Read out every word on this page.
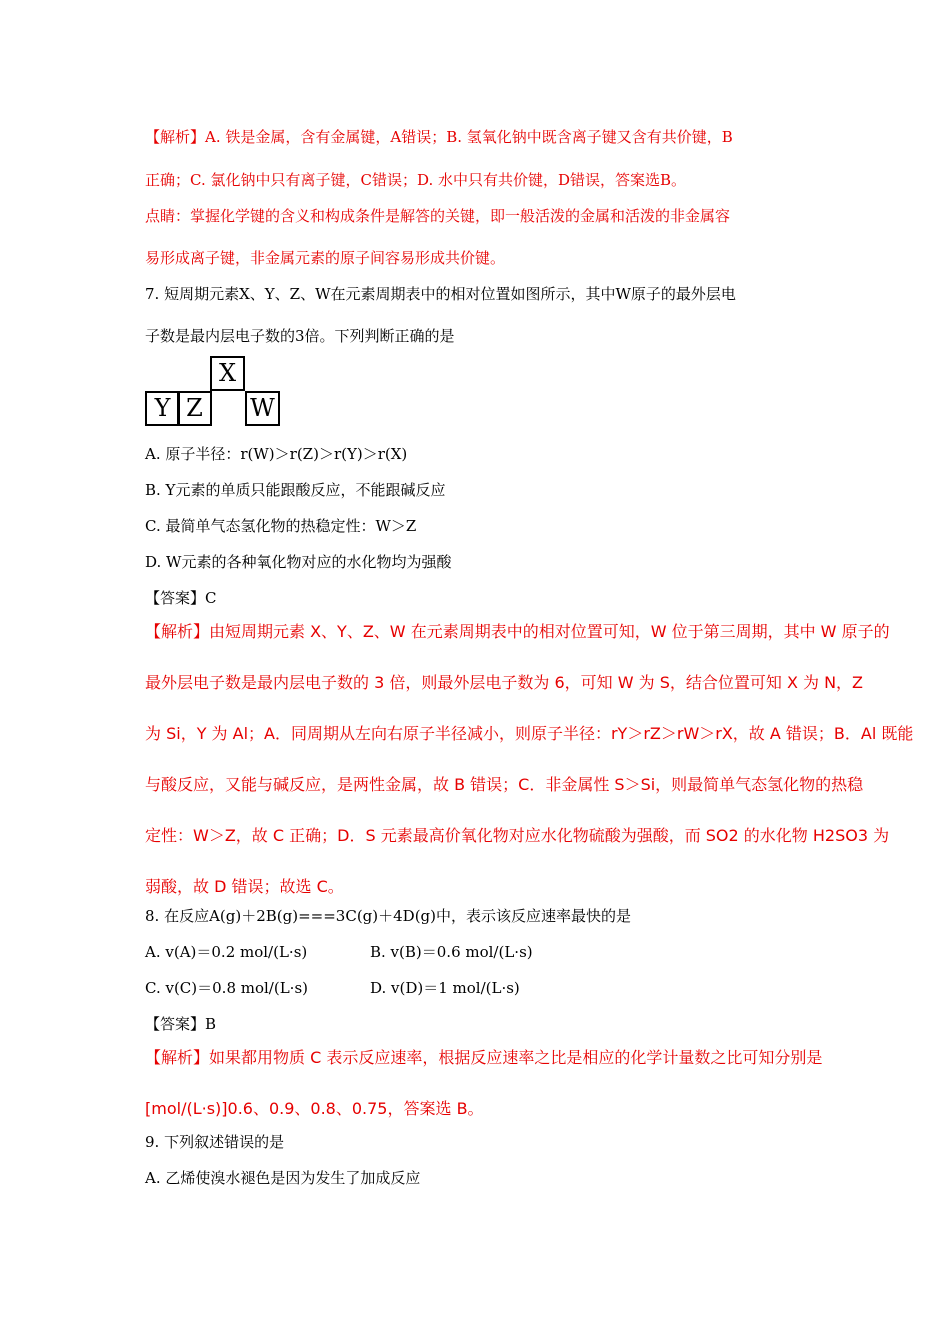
【解析】A. 铁是金属，含有金属键，A错误；B. 氢氧化钠中既含离子键又含有共价键，B
正确；C. 氯化钠中只有离子键，C错误；D. 水中只有共价键，D错误，答案选B。
点睛：掌握化学键的含义和构成条件是解答的关键，即一般活泼的金属和活泼的非金属容
易形成离子键，非金属元素的原子间容易形成共价键。
7. 短周期元素X、Y、Z、W在元素周期表中的相对位置如图所示，其中W原子的最外层电
子数是最内层电子数的3倍。下列判断正确的是
X
Y Z	W
A. 原子半径：r(W)＞r(Z)＞r(Y)＞r(X)
B. Y元素的单质只能跟酸反应，不能跟碱反应
C. 最简单气态氢化物的热稳定性：W＞Z
D. W元素的各种氧化物对应的水化物均为强酸
【答案】C
【解析】由短周期元素 X、Y、Z、W 在元素周期表中的相对位置可知，W 位于第三周期，其中 W 原子的
最外层电子数是最内层电子数的 3 倍，则最外层电子数为 6，可知 W 为 S，结合位置可知 X 为 N，Z
为 Si，Y 为 Al；A．同周期从左向右原子半径减小，则原子半径：rY＞rZ＞rW＞rX，故 A 错误；B．Al 既能
与酸反应，又能与碱反应，是两性金属，故 B 错误；C．非金属性 S＞Si，则最简单气态氢化物的热稳
定性：W＞Z，故 C 正确；D．S 元素最高价氧化物对应水化物硫酸为强酸，而 SO2 的水化物 H2SO3 为
弱酸，故 D 错误；故选 C。
8. 在反应A(g)＋2B(g)===3C(g)＋4D(g)中，表示该反应速率最快的是
A. v(A)＝0.2 mol/(L·s)	B. v(B)＝0.6 mol/(L·s)
C. v(C)＝0.8 mol/(L·s)	D. v(D)＝1 mol/(L·s)
【答案】B
【解析】如果都用物质 C 表示反应速率，根据反应速率之比是相应的化学计量数之比可知分别是
[mol/(L·s)]0.6、0.9、0.8、0.75，答案选 B。
9. 下列叙述错误的是
A. 乙烯使溴水褪色是因为发生了加成反应
